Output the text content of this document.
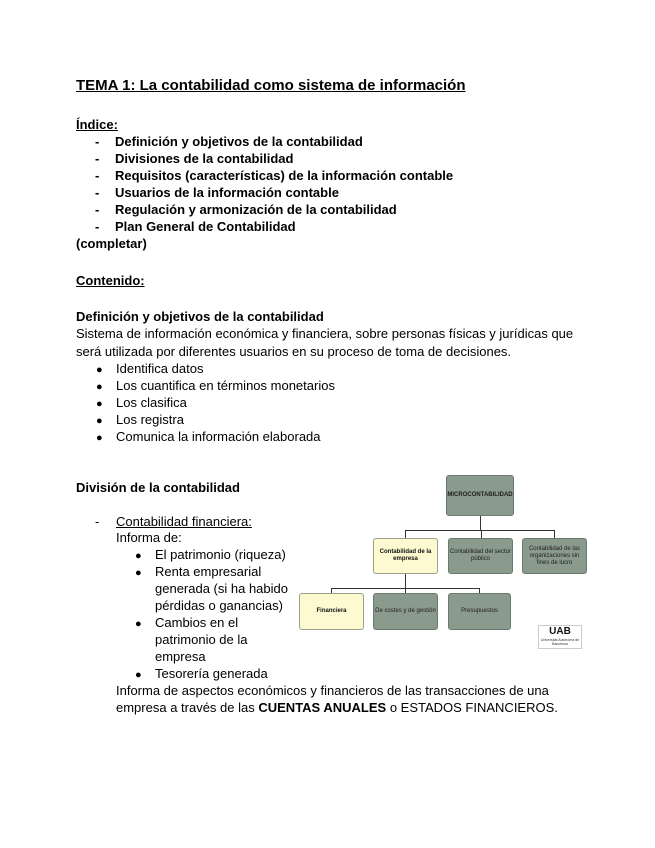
TEMA 1: La contabilidad como sistema de información
Índice:
- Definición y objetivos de la contabilidad
- Divisiones de la contabilidad
- Requisitos (características) de la información contable
- Usuarios de la información contable
- Regulación y armonización de la contabilidad
- Plan General de Contabilidad
(completar)
Contenido:
Definición y objetivos de la contabilidad
Sistema de información económica y financiera, sobre personas físicas y jurídicas que
será utilizada por diferentes usuarios en su proceso de toma de decisiones.
● Identifica datos
● Los cuantifica en términos monetarios
● Los clasifica
● Los registra
● Comunica la información elaborada
División de la contabilidad
- Contabilidad financiera:
Informa de:
● El patrimonio (riqueza)
● Renta empresarial
generada (si ha habido
pérdidas o ganancias)
● Cambios en el
patrimonio de la
empresa
● Tesorería generada
Informa de aspectos económicos y financieros de las transacciones de una
empresa a través de las CUENTAS ANUALES o ESTADOS FINANCIEROS.
MICROCONTABILIDAD
Contabilidad de la empresa
Contabilidad del sector público
Contabilidad de las organizaciones sin fines de lucro
Financiera	De costes y de gestión	Presupuestos
UAB
Universitat Autònoma de Barcelona
